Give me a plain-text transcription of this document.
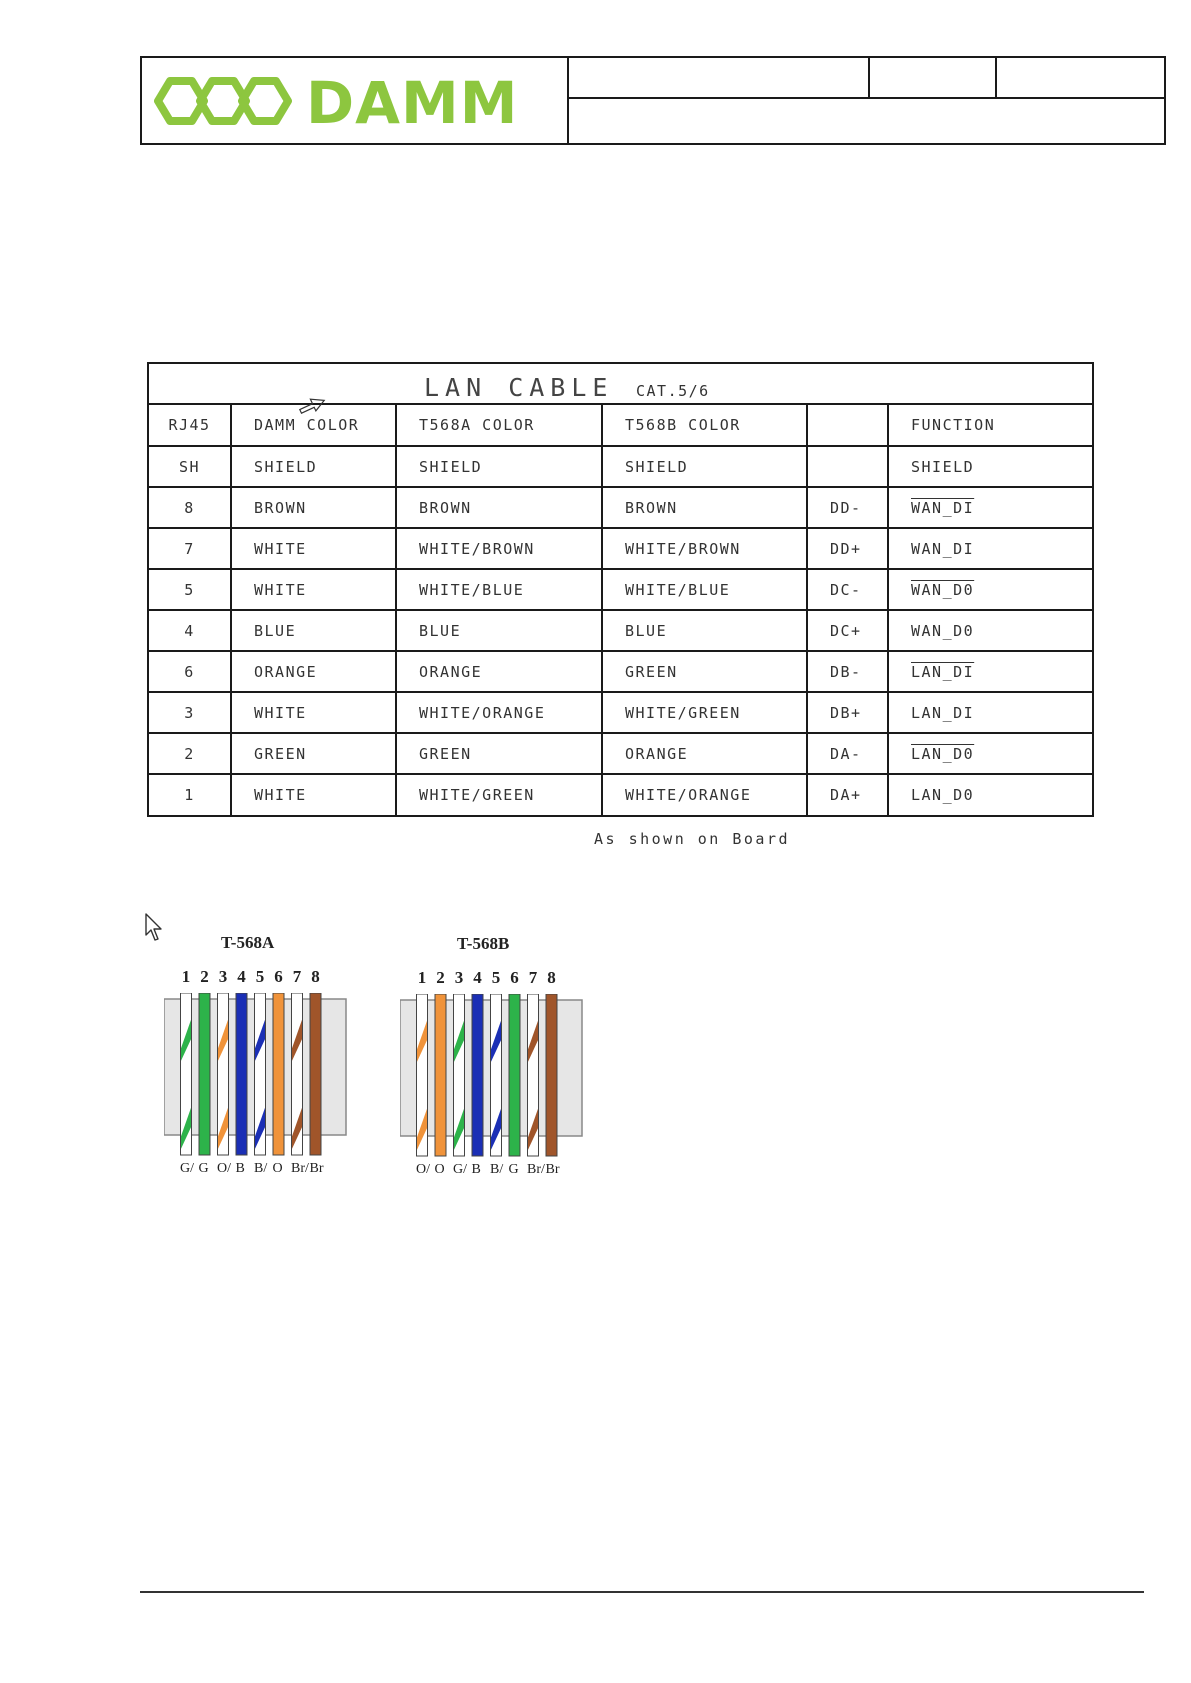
DAMM
LAN CABLE CAT.5/6
RJ45	DAMM COLOR	T568A COLOR	T568B COLOR		FUNCTION
SH	SHIELD	SHIELD	SHIELD		SHIELD
8	BROWN	BROWN	BROWN	DD-	WAN_DI
7	WHITE	WHITE/BROWN	WHITE/BROWN	DD+	WAN_DI
5	WHITE	WHITE/BLUE	WHITE/BLUE	DC-	WAN_D0
4	BLUE	BLUE	BLUE	DC+	WAN_D0
6	ORANGE	ORANGE	GREEN	DB-	LAN_DI
3	WHITE	WHITE/ORANGE	WHITE/GREEN	DB+	LAN_DI
2	GREEN	GREEN	ORANGE	DA-	LAN_D0
1	WHITE	WHITE/GREEN	WHITE/ORANGE	DA+	LAN_D0
As shown on Board
T-568A
1 2 3 4 5 6 7 8
G/ G O/ B B/ O Br/ Br
T-568B
1 2 3 4 5 6 7 8
O/ O G/ B B/ G Br/ Br
